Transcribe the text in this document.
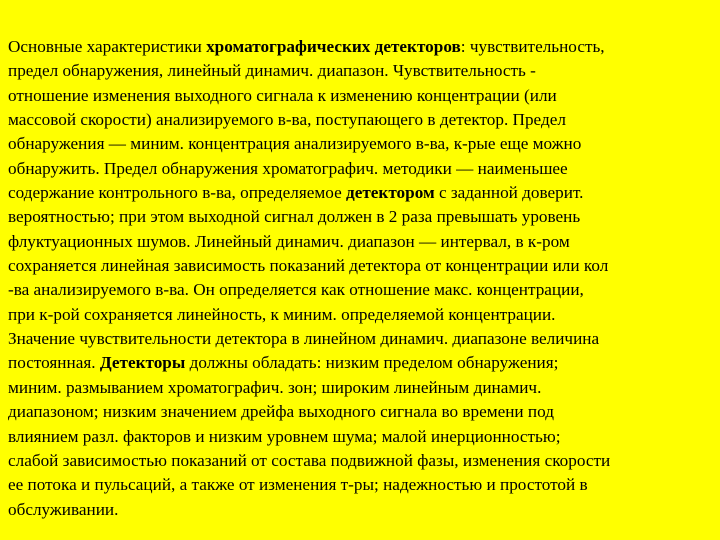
Основные характеристики хроматографических детекторов: чувствительность,
предел обнаружения, линейный динамич. диапазон. Чувствительность -
отношение изменения выходного сигнала к изменению концентрации (или
массовой скорости) анализируемого в-ва, поступающего в детектор. Предел
обнаружения — миним. концентрация анализируемого в-ва, к-рые еще можно
обнаружить. Предел обнаружения хроматографич. методики — наименьшее
содержание контрольного в-ва, определяемое детектором с заданной доверит.
вероятностью; при этом выходной сигнал должен в 2 раза превышать уровень
флуктуационных шумов. Линейный динамич. диапазон — интервал, в к-ром
сохраняется линейная зависимость показаний детектора от концентрации или кол
-ва анализируемого в-ва. Он определяется как отношение макс. концентрации,
при к-рой сохраняется линейность, к миним. определяемой концентрации.
Значение чувствительности детектора в линейном динамич. диапазоне величина
постоянная. Детекторы должны обладать: низким пределом обнаружения;
миним. размыванием хроматографич. зон; широким линейным динамич.
диапазоном; низким значением дрейфа выходного сигнала во времени под
влиянием разл. факторов и низким уровнем шума; малой инерционностью;
слабой зависимостью показаний от состава подвижной фазы, изменения скорости
ее потока и пульсаций, а также от изменения т-ры; надежностью и простотой в
обслуживании.
